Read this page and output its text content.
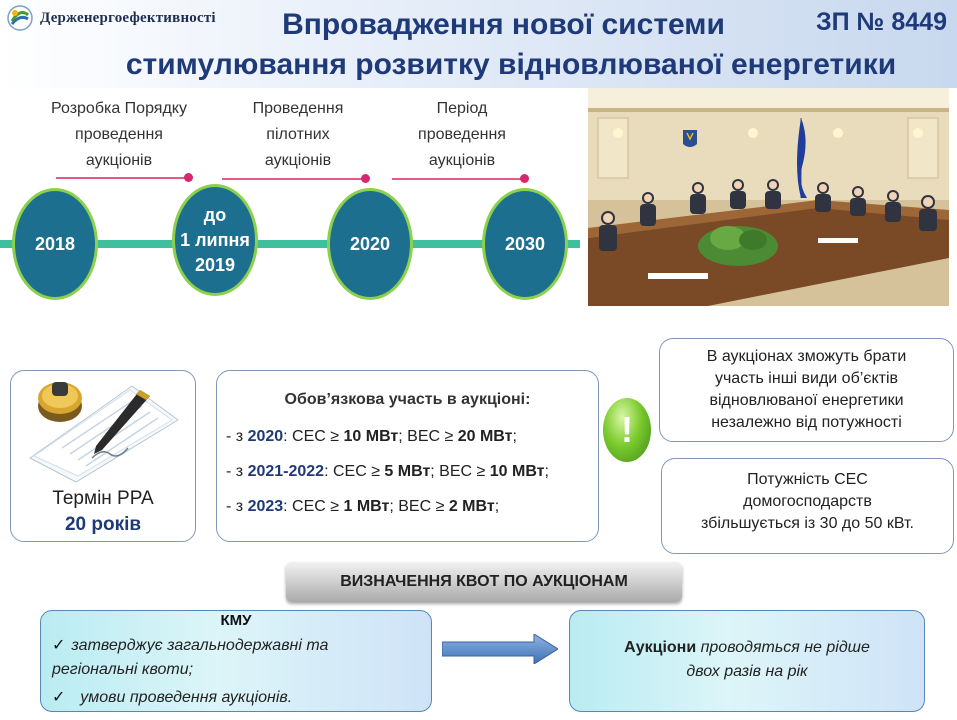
Держенергоефективності	Впровадження нової системи
стимулювання розвитку відновлюваної енергетики
ЗП № 8449
Розробка Порядку
проведення
аукціонів
Проведення
пілотних
аукціонів
Період
проведення
аукціонів
2018
до
1 липня
2019
2020	2030
Термін PPA
20 років
Обов’язкова участь в аукціоні:
- з 2020: СЕС ≥ 10 МВт; ВЕС ≥ 20 МВт;
- з 2021-2022: СЕС ≥ 5 МВт; ВЕС ≥ 10 МВт;
- з 2023: СЕС ≥ 1 МВт; ВЕС ≥ 2 МВт;
!
В аукціонах зможуть брати
участь інші види об’єктів
відновлюваної енергетики
незалежно від потужності
Потужність СЕС
домогосподарств
збільшується із 30 до 50 кВт.
ВИЗНАЧЕННЯ КВОТ ПО АУКЦІОНАМ
КМУ
✓ затверджує загальнодержавні та
регіональні квоти;
✓ умови проведення аукціонів.
Аукціони проводяться не рідше
двох разів на рік
